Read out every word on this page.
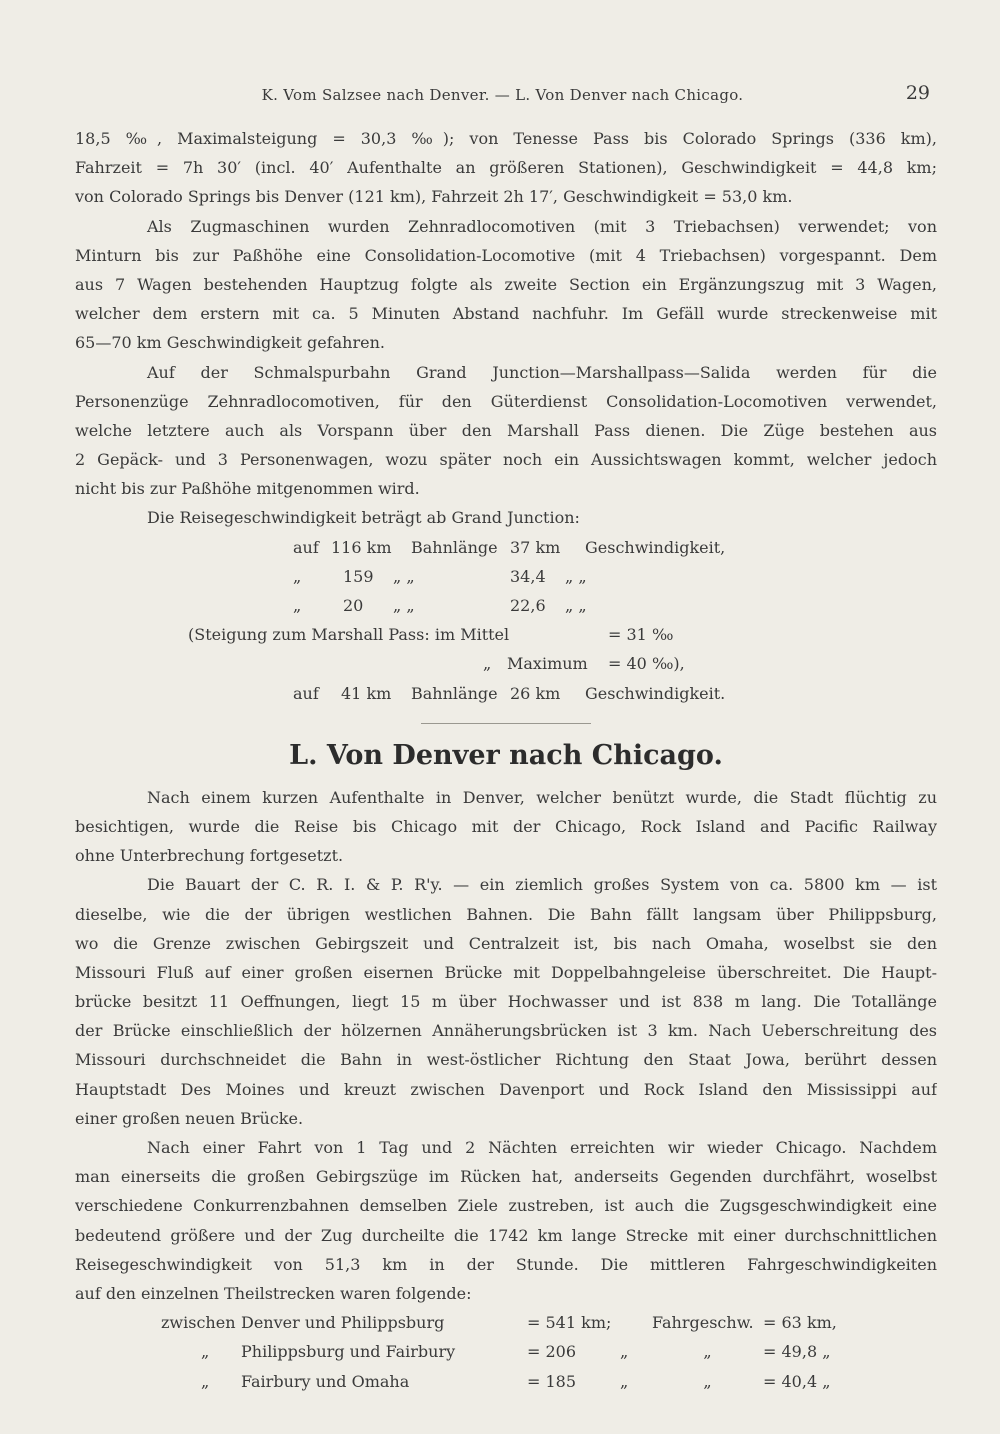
K. Vom Salzsee nach Denver. — L. Von Denver nach Chicago.	29
18,5 ‰, Maximalsteigung = 30,3 ‰); von Tenesse Pass bis Colorado Springs (336 km),
Fahrzeit = 7h 30′ (incl. 40′ Aufenthalte an größeren Stationen), Geschwindigkeit = 44,8 km;
von Colorado Springs bis Denver (121 km), Fahrzeit 2h 17′, Geschwindigkeit = 53,0 km.
Als Zugmaschinen wurden Zehnradlocomotiven (mit 3 Triebachsen) verwendet; von
Minturn bis zur Paßhöhe eine Consolidation-Locomotive (mit 4 Triebachsen) vorgespannt. Dem
aus 7 Wagen bestehenden Hauptzug folgte als zweite Section ein Ergänzungszug mit 3 Wagen,
welcher dem erstern mit ca. 5 Minuten Abstand nachfuhr. Im Gefäll wurde streckenweise mit
65—70 km Geschwindigkeit gefahren.
Auf der Schmalspurbahn Grand Junction—Marshallpass—Salida werden für die
Personenzüge Zehnradlocomotiven, für den Güterdienst Consolidation-Locomotiven verwendet,
welche letztere auch als Vorspann über den Marshall Pass dienen. Die Züge bestehen aus
2 Gepäck- und 3 Personenwagen, wozu später noch ein Aussichtswagen kommt, welcher jedoch
nicht bis zur Paßhöhe mitgenommen wird.
Die Reisegeschwindigkeit beträgt ab Grand Junction:
auf 116 km Bahnlänge 37 km Geschwindigkeit,
„	159 „ „	34,4 „ „
„	20 „ „	22,6 „ „
(Steigung zum Marshall Pass: im Mittel	= 31 ‰
„ Maximum = 40 ‰),
auf 41 km Bahnlänge 26 km Geschwindigkeit.
L. Von Denver nach Chicago.
Nach einem kurzen Aufenthalte in Denver, welcher benützt wurde, die Stadt flüchtig zu
besichtigen, wurde die Reise bis Chicago mit der Chicago, Rock Island and Pacific Railway
ohne Unterbrechung fortgesetzt.
Die Bauart der C. R. I. & P. R'y. — ein ziemlich großes System von ca. 5800 km — ist
dieselbe, wie die der übrigen westlichen Bahnen. Die Bahn fällt langsam über Philippsburg,
wo die Grenze zwischen Gebirgszeit und Centralzeit ist, bis nach Omaha, woselbst sie den
Missouri Fluß auf einer großen eisernen Brücke mit Doppelbahngeleise überschreitet. Die Haupt-
brücke besitzt 11 Oeffnungen, liegt 15 m über Hochwasser und ist 838 m lang. Die Totallänge
der Brücke einschließlich der hölzernen Annäherungsbrücken ist 3 km. Nach Ueberschreitung des
Missouri durchschneidet die Bahn in west-östlicher Richtung den Staat Jowa, berührt dessen
Hauptstadt Des Moines und kreuzt zwischen Davenport und Rock Island den Mississippi auf
einer großen neuen Brücke.
Nach einer Fahrt von 1 Tag und 2 Nächten erreichten wir wieder Chicago. Nachdem
man einerseits die großen Gebirgszüge im Rücken hat, anderseits Gegenden durchfährt, woselbst
verschiedene Conkurrenzbahnen demselben Ziele zustreben, ist auch die Zugsgeschwindigkeit eine
bedeutend größere und der Zug durcheilte die 1742 km lange Strecke mit einer durchschnittlichen
Reisegeschwindigkeit von 51,3 km in der Stunde. Die mittleren Fahrgeschwindigkeiten
auf den einzelnen Theilstrecken waren folgende:
zwischen Denver und Philippsburg	= 541 km;	Fahrgeschw. = 63 km,
„ Philippsburg und Fairbury	= 206	„ „	= 49,8 „
„ Fairbury und Omaha	= 185	„ „	= 40,4 „
